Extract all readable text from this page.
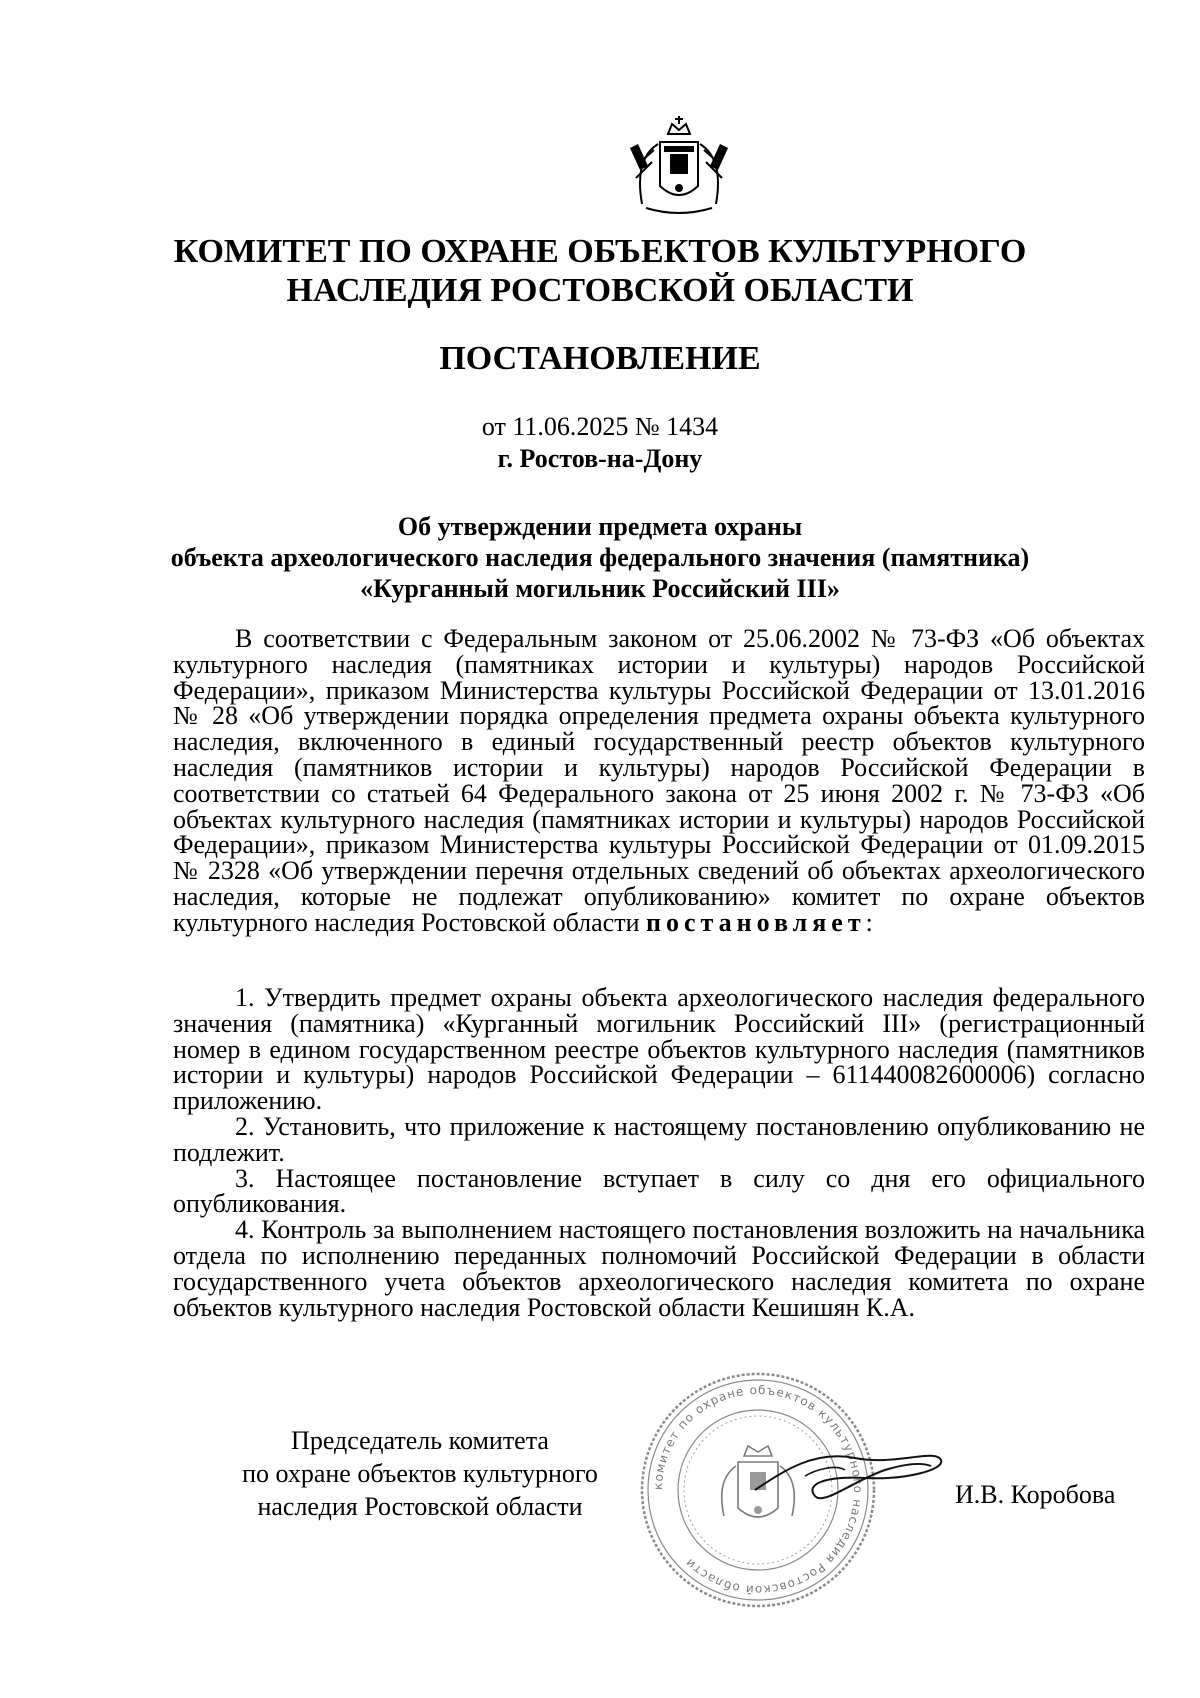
КОМИТЕТ ПО ОХРАНЕ ОБЪЕКТОВ КУЛЬТУРНОГО
НАСЛЕДИЯ РОСТОВСКОЙ ОБЛАСТИ
ПОСТАНОВЛЕНИЕ
от 11.06.2025 № 1434
г. Ростов-на-Дону
Об утверждении предмета охраны
объекта археологического наследия федерального значения (памятника)
«Курганный могильник Российский III»

В соответствии с Федеральным законом от 25.06.2002 № 73-ФЗ «Об объектах культурного наследия (памятниках истории и культуры) народов Российской Федерации», приказом Министерства культуры Российской Федерации от 13.01.2016 № 28 «Об утверждении порядка определения предмета охраны объекта культурного наследия, включенного в единый государственный реестр объектов культурного наследия (памятников истории и культуры) народов Российской Федерации в соответствии со статьей 64 Федерального закона от 25 июня 2002 г. № 73-ФЗ «Об объектах культурного наследия (памятниках истории и культуры) народов Российской Федерации», приказом Министерства культуры Российской Федерации от 01.09.2015 № 2328 «Об утверждении перечня отдельных сведений об объектах археологического наследия, которые не подлежат опубликованию» комитет по охране объектов культурного наследия Ростовской области постановляет:

1. Утвердить предмет охраны объекта археологического наследия федерального значения (памятника) «Курганный могильник Российский III» (регистрационный номер в едином государственном реестре объектов культурного наследия (памятников истории и культуры) народов Российской Федерации – 611440082600006) согласно приложению.

2. Установить, что приложение к настоящему постановлению опубликованию не подлежит.

3. Настоящее постановление вступает в силу со дня его официального опубликования.

4. Контроль за выполнением настоящего постановления возложить на начальника отдела по исполнению переданных полномочий Российской Федерации в области государственного учета объектов археологического наследия комитета по охране объектов культурного наследия Ростовской области Кешишян К.А.

Председатель комитета
по охране объектов культурного
наследия Ростовской области
комитет по охране объектов культурного наследия Ростовской области
И.В. Коробова
